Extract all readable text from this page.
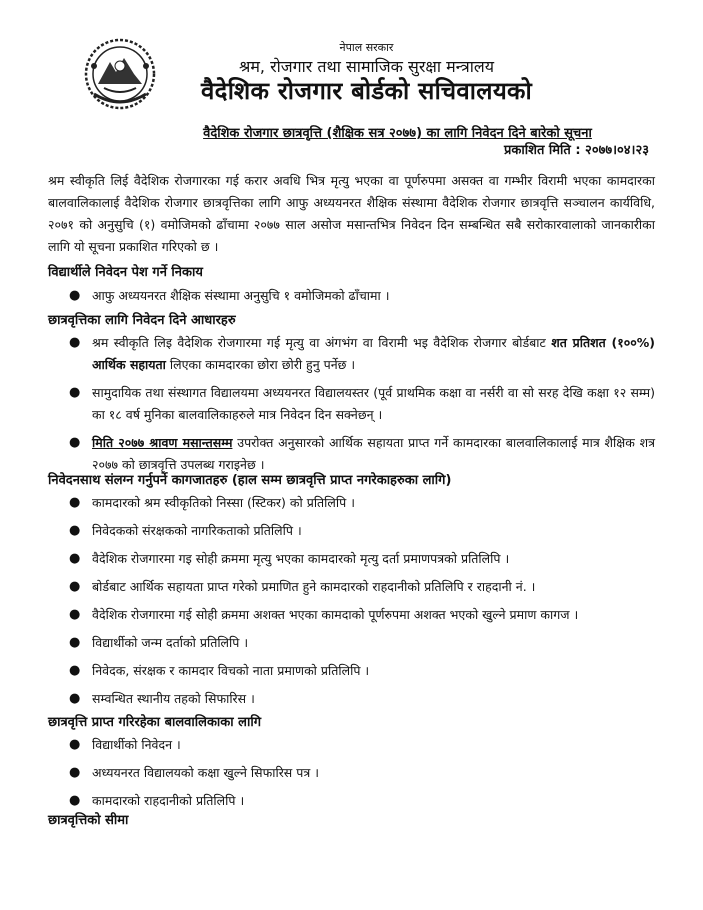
नेपाल सरकार
श्रम, रोजगार तथा सामाजिक सुरक्षा मन्त्रालय
वैदेशिक रोजगार बोर्डको सचिवालयको
वैदेशिक रोजगार छात्रवृत्ति (शैक्षिक सत्र २०७७) का लागि निवेदन दिने बारेको सूचना
प्रकाशित मिति : २०७७।०४।२३
श्रम स्वीकृति लिई वैदेशिक रोजगारका गई करार अवधि भित्र मृत्यु भएका वा पूर्णरुपमा असक्त वा गम्भीर विरामी भएका कामदारका बालवालिकालाई वैदेशिक रोजगार छात्रवृत्तिका लागि आफु अध्ययनरत शैक्षिक संस्थामा वैदेशिक रोजगार छात्रवृत्ति सञ्चालन कार्यविधि, २०७१ को अनुसुचि (१) वमोजिमको ढाँचामा २०७७ साल असोज मसान्तभित्र निवेदन दिन सम्बन्धित सबै सरोकारवालाको जानकारीका लागि यो सूचना प्रकाशित गरिएको छ ।
विद्यार्थीले निवेदन पेश गर्ने निकाय
● आफु अध्ययनरत शैक्षिक संस्थामा अनुसुचि १ वमोजिमको ढाँचामा ।
छात्रवृत्तिका लागि निवेदन दिने आधारहरु
● श्रम स्वीकृति लिइ वैदेशिक रोजगारमा गई मृत्यु वा अंगभंग वा विरामी भइ वैदेशिक रोजगार बोर्डबाट शत प्रतिशत (१००%) आर्थिक सहायता लिएका कामदारका छोरा छोरी हुनु पर्नेछ ।
● सामुदायिक तथा संस्थागत विद्यालयमा अध्ययनरत विद्यालयस्तर (पूर्व प्राथमिक कक्षा वा नर्सरी वा सो सरह देखि कक्षा १२ सम्म) का १८ वर्ष मुनिका बालवालिकाहरुले मात्र निवेदन दिन सक्नेछन् ।
● मिति २०७७ श्रावण मसान्तसम्म उपरोक्त अनुसारको आर्थिक सहायता प्राप्त गर्ने कामदारका बालवालिकालाई मात्र शैक्षिक शत्र २०७७ को छात्रवृत्ति उपलब्ध गराइनेछ ।
निवेदनसाथ संलग्न गर्नुपर्ने कागजातहरु (हाल सम्म छात्रवृत्ति प्राप्त नगरेकाहरुका लागि)
● कामदारको श्रम स्वीकृतिको निस्सा (स्टिकर) को प्रतिलिपि ।
● निवेदकको संरक्षकको नागरिकताको प्रतिलिपि ।
● वैदेशिक रोजगारमा गइ सोही क्रममा मृत्यु भएका कामदारको मृत्यु दर्ता प्रमाणपत्रको प्रतिलिपि ।
● बोर्डबाट आर्थिक सहायता प्राप्त गरेको प्रमाणित हुने कामदारको राहदानीको प्रतिलिपि र राहदानी नं. ।
● वैदेशिक रोजगारमा गई सोही क्रममा अशक्त भएका कामदाको पूर्णरुपमा अशक्त भएको खुल्ने प्रमाण कागज ।
● विद्यार्थीको जन्म दर्ताको प्रतिलिपि ।
● निवेदक, संरक्षक र कामदार विचको नाता प्रमाणको प्रतिलिपि ।
● सम्वन्धित स्थानीय तहको सिफारिस ।
छात्रवृत्ति प्राप्त गरिरहेका बालवालिकाका लागि
● विद्यार्थीको निवेदन ।
● अध्ययनरत विद्यालयको कक्षा खुल्ने सिफारिस पत्र ।
● कामदारको राहदानीको प्रतिलिपि ।
छात्रवृत्तिको सीमा
